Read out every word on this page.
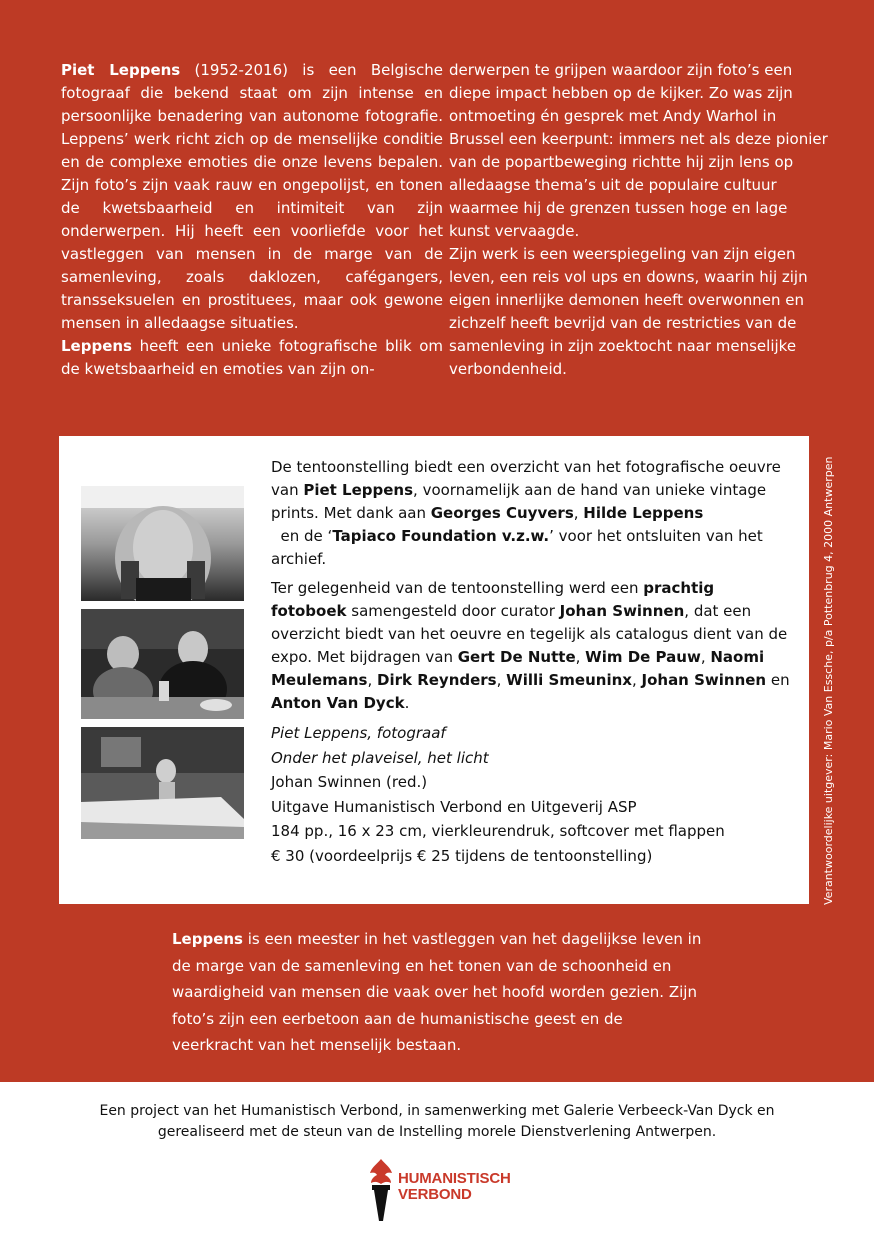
Piet Leppens (1952-2016) is een Belgische fotograaf die bekend staat om zijn intense en persoonlijke benadering van autonome fotografie. Leppens’ werk richt zich op de menselijke conditie en de complexe emoties die onze levens bepalen. Zijn foto’s zijn vaak rauw en ongepolijst, en tonen de kwetsbaarheid en intimiteit van zijn onderwerpen. Hij heeft een voorliefde voor het vastleggen van mensen in de marge van de samenleving, zoals daklozen, cafégangers, transseksuelen en prostituees, maar ook gewone mensen in alledaagse situaties.

Leppens heeft een unieke fotografische blik om de kwetsbaarheid en emoties van zijn on-

derwerpen te grijpen waardoor zijn foto’s een diepe impact hebben op de kijker. Zo was zijn ontmoeting én gesprek met Andy Warhol in Brussel een keerpunt: immers net als deze pionier van de popartbeweging richtte hij zijn lens op alledaagse thema’s uit de populaire cultuur waarmee hij de grenzen tussen hoge en lage kunst vervaagde.

Zijn werk is een weerspiegeling van zijn eigen leven, een reis vol ups en downs, waarin hij zijn eigen innerlijke demonen heeft overwonnen en zichzelf heeft bevrijd van de restricties van de samenleving in zijn zoektocht naar menselijke verbondenheid.

De tentoonstelling biedt een overzicht van het fotografische oeuvre van Piet Leppens, voornamelijk aan de hand van unieke vintage prints. Met dank aan Georges Cuyvers, Hilde Leppens  en de ‘Tapiaco Foundation v.z.w.’ voor het ontsluiten van het archief.

Ter gelegenheid van de tentoonstelling werd een prachtig fotoboek samengesteld door curator Johan Swinnen, dat een overzicht biedt van het oeuvre en tegelijk als catalogus dient van de expo. Met bijdragen van Gert De Nutte, Wim De Pauw, Naomi Meulemans, Dirk Reynders, Willi Smeuninx, Johan Swinnen en Anton Van Dyck.

Piet Leppens, fotograaf
Onder het plaveisel, het licht
Johan Swinnen (red.)
Uitgave Humanistisch Verbond en Uitgeverij ASP
184 pp., 16 x 23 cm, vierkleurendruk, softcover met flappen
€ 30 (voordeelprijs € 25 tijdens de tentoonstelling)	Verantwoordelijke uitgever: Mario Van Essche, p/a Pottenbrug 4, 2000 Antwerpen
Leppens is een meester in het vastleggen van het dagelijkse leven in de marge van de samenleving en het tonen van de schoonheid en waardigheid van mensen die vaak over het hoofd worden gezien. Zijn foto’s zijn een eerbetoon aan de humanistische geest en de veerkracht van het menselijk bestaan.
Een project van het Humanistisch Verbond, in samenwerking met Galerie Verbeeck-Van Dyck en
gerealiseerd met de steun van de Instelling morele Dienstverlening Antwerpen.
HUMANISTISCH
VERBOND
